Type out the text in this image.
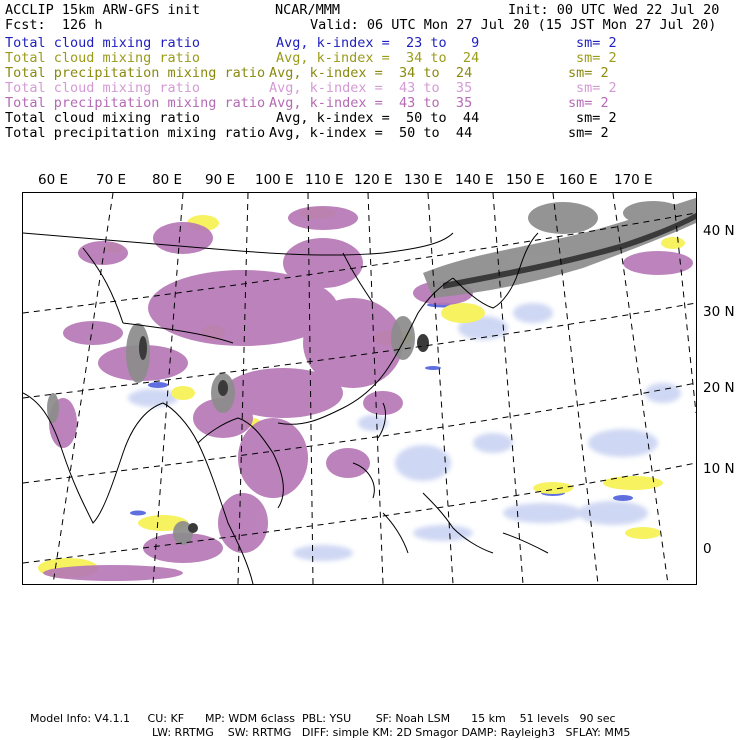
ACCLIP 15km ARW-GFS init	NCAR/MMM	Init: 00 UTC Wed 22 Jul 20
Fcst:  126 h	Valid: 06 UTC Mon 27 Jul 20 (15 JST Mon 27 Jul 20)
Total cloud mixing ratio	Avg, k-index =  23 to   9	sm= 2
Total cloud mixing ratio	Avg, k-index =  34 to  24	sm= 2
Total precipitation mixing ratio Avg, k-index =  34 to  24	sm= 2
Total cloud mixing ratio	Avg, k-index =  43 to  35	sm= 2
Total precipitation mixing ratio Avg, k-index =  43 to  35	sm= 2
Total cloud mixing ratio	Avg, k-index =  50 to  44	sm= 2
Total precipitation mixing ratio Avg, k-index =  50 to  44	sm= 2
60 E 70 E 80 E 90 E 100 E 110 E 120 E 130 E 140 E 150 E 160 E 170 E
40 N
30 N
20 N
10 N
0
Model Info: V4.1.1     CU: KF      MP: WDM 6class  PBL: YSU       SF: Noah LSM      15 km    51 levels   90 sec
LW: RRTMG    SW: RRTMG   DIFF: simple KM: 2D Smagor DAMP: Rayleigh3   SFLAY: MM5
